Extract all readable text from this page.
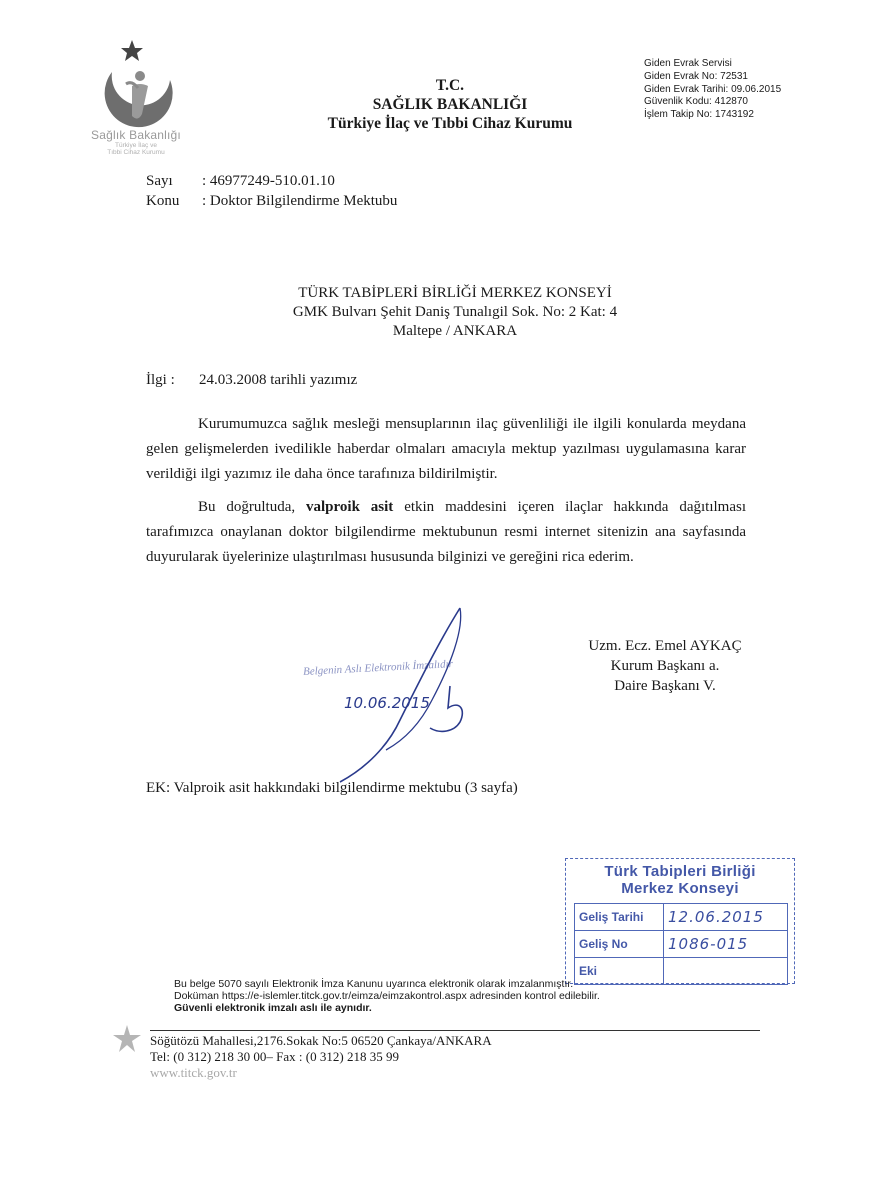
Sağlık Bakanlığı
Türkiye İlaç ve
Tıbbi Cihaz Kurumu
T.C.
SAĞLIK BAKANLIĞI
Türkiye İlaç ve Tıbbi Cihaz Kurumu
Giden Evrak Servisi
Giden Evrak No: 72531
Giden Evrak Tarihi: 09.06.2015
Güvenlik Kodu: 412870
İşlem Takip No: 1743192
Sayı : 46977249-510.01.10
Konu : Doktor Bilgilendirme Mektubu
TÜRK TABİPLERİ BİRLİĞİ MERKEZ KONSEYİ
GMK Bulvarı Şehit Daniş Tunalıgil Sok. No: 2 Kat: 4
Maltepe / ANKARA
İlgi : 24.03.2008 tarihli yazımız

Kurumumuzca sağlık mesleği mensuplarının ilaç güvenliliği ile ilgili konularda meydana gelen gelişmelerden ivedilikle haberdar olmaları amacıyla mektup yazılması uygulamasına karar verildiği ilgi yazımız ile daha önce tarafınıza bildirilmiştir.

Bu doğrultuda, valproik asit etkin maddesini içeren ilaçlar hakkında dağıtılması tarafımızca onaylanan doktor bilgilendirme mektubunun resmi internet sitenizin ana sayfasında duyurularak üyelerinize ulaştırılması hususunda bilginizi ve gereğini rica ederim.

Belgenin Aslı Elektronik İmzalıdır
10.06.2015
Uzm. Ecz. Emel AYKAÇ
Kurum Başkanı a.
Daire Başkanı V.
EK: Valproik asit hakkındaki bilgilendirme mektubu (3 sayfa)
Türk Tabipleri Birliği
Merkez Konseyi
Geliş Tarihi	12.06.2015
Geliş No	1086-015
Eki	
Bu belge 5070 sayılı Elektronik İmza Kanunu uyarınca elektronik olarak imzalanmıştır.
Doküman https://e-islemler.titck.gov.tr/eimza/eimzakontrol.aspx adresinden kontrol edilebilir.
Güvenli elektronik imzalı aslı ile aynıdır.
Söğütözü Mahallesi,2176.Sokak No:5 06520 Çankaya/ANKARA
Tel: (0 312) 218 30 00– Fax : (0 312) 218 35 99
www.titck.gov.tr
